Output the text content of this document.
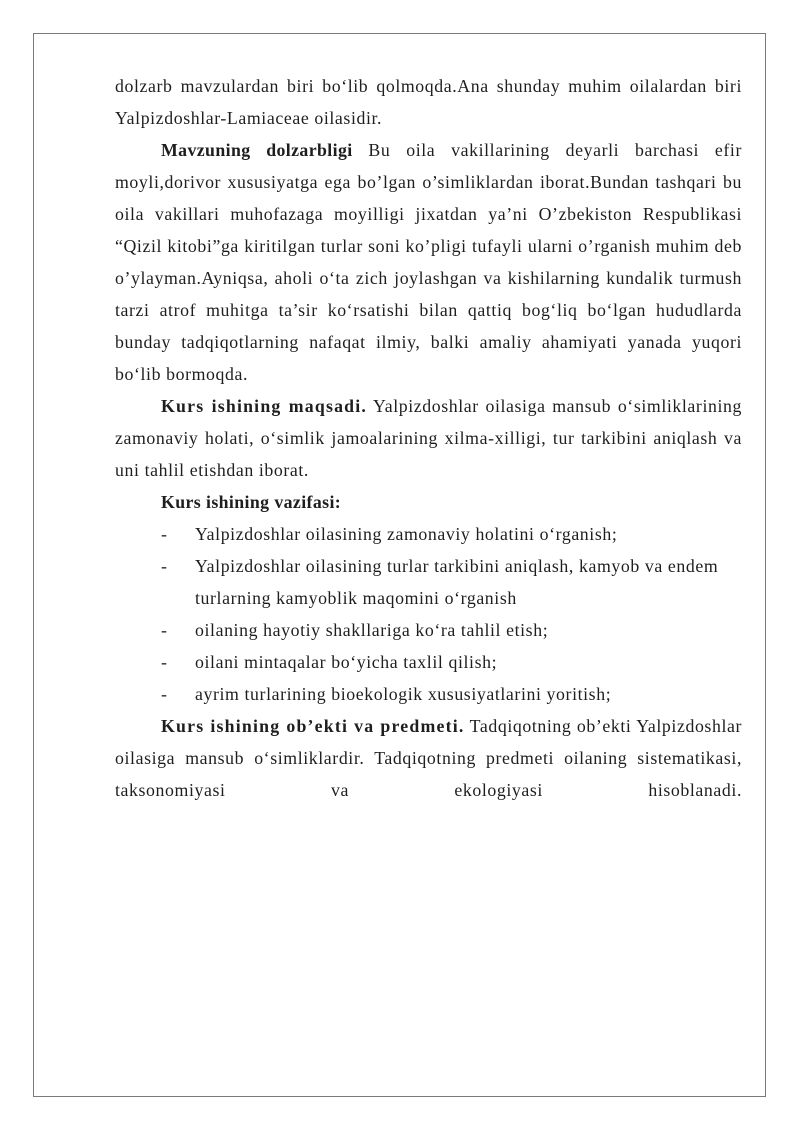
dolzarb mavzulardan biri bo‘lib qolmoqda.Ana shunday muhim oilalardan biri Yalpizdoshlar-Lamiaceae oilasidir.

Mavzuning dolzarbligi Bu oila vakillarining deyarli barchasi efir moyli,dorivor xususiyatga ega bo’lgan o’simliklardan iborat.Bundan tashqari bu oila vakillari muhofazaga moyilligi jixatdan ya’ni O’zbekiston Respublikasi “Qizil kitobi”ga kiritilgan turlar soni ko’pligi tufayli ularni o’rganish muhim deb o’ylayman.Ayniqsa, aholi o‘ta zich joylashgan va kishilarning kundalik turmush tarzi atrof muhitga ta’sir ko‘rsatishi bilan qattiq bog‘liq bo‘lgan hududlarda bunday tadqiqotlarning nafaqat ilmiy, balki amaliy ahamiyati yanada yuqori bo‘lib bormoqda.

Kurs ishining maqsadi. Yalpizdoshlar oilasiga mansub o‘simliklarining zamonaviy holati, o‘simlik jamoalarining xilma-xilligi, tur tarkibini aniqlash va uni tahlil etishdan iborat.

Kurs ishining vazifasi:

-	Yalpizdoshlar oilasining zamonaviy holatini o‘rganish;
-	Yalpizdoshlar oilasining turlar tarkibini aniqlash, kamyob va endem turlarning kamyoblik maqomini o‘rganish
-	oilaning hayotiy shakllariga ko‘ra tahlil etish;
-	oilani mintaqalar bo‘yicha taxlil qilish;
-	ayrim turlarining bioekologik xususiyatlarini yoritish;

Kurs ishining ob’ekti va predmeti. Tadqiqotning ob’ekti Yalpizdoshlar oilasiga mansub o‘simliklardir. Tadqiqotning predmeti oilaning sistematikasi, taksonomiyasi va ekologiyasi hisoblanadi.
